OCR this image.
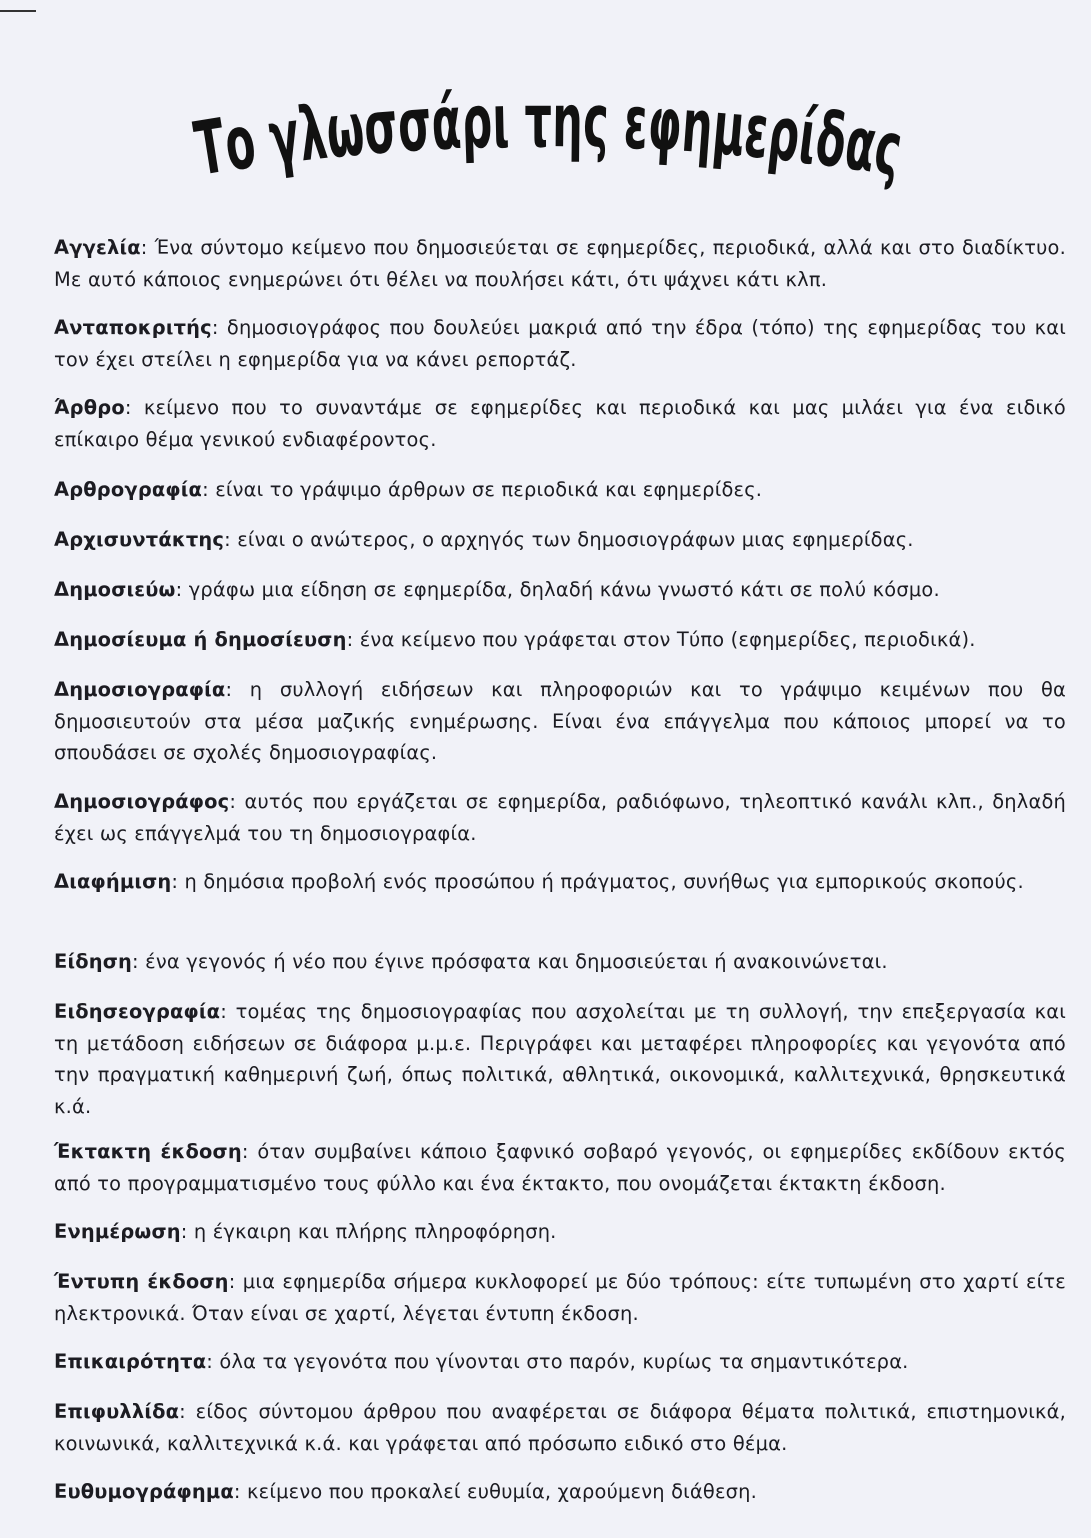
Το γλωσσάρι της εφημερίδας
Αγγελία: Ένα σύντομο κείμενο που δημοσιεύεται σε εφημερίδες, περιοδικά, αλλά και στο διαδίκτυο. Με αυτό κάποιος ενημερώνει ότι θέλει να πουλήσει κάτι, ότι ψάχνει κάτι κλπ.
Ανταποκριτής: δημοσιογράφος που δουλεύει μακριά από την έδρα (τόπο) της εφημερίδας του και τον έχει στείλει η εφημερίδα για να κάνει ρεπορτάζ.
Άρθρο: κείμενο που το συναντάμε σε εφημερίδες και περιοδικά και μας μιλάει για ένα ειδικό επίκαιρο θέμα γενικού ενδιαφέροντος.
Αρθρογραφία: είναι το γράψιμο άρθρων σε περιοδικά και εφημερίδες.
Αρχισυντάκτης: είναι ο ανώτερος, ο αρχηγός των δημοσιογράφων μιας εφημερίδας.
Δημοσιεύω: γράφω μια είδηση σε εφημερίδα, δηλαδή κάνω γνωστό κάτι σε πολύ κόσμο.
Δημοσίευμα ή δημοσίευση: ένα κείμενο που γράφεται στον Τύπο (εφημερίδες, περιοδικά).
Δημοσιογραφία: η συλλογή ειδήσεων και πληροφοριών και το γράψιμο κειμένων που θα δημοσιευτούν στα μέσα μαζικής ενημέρωσης. Είναι ένα επάγγελμα που κάποιος μπορεί να το σπουδάσει σε σχολές δημοσιογραφίας.
Δημοσιογράφος: αυτός που εργάζεται σε εφημερίδα, ραδιόφωνο, τηλεοπτικό κανάλι κλπ., δηλαδή έχει ως επάγγελμά του τη δημοσιογραφία.
Διαφήμιση: η δημόσια προβολή ενός προσώπου ή πράγματος, συνήθως για εμπορικούς σκοπούς.
Είδηση: ένα γεγονός ή νέο που έγινε πρόσφατα και δημοσιεύεται ή ανακοινώνεται.
Ειδησεογραφία: τομέας της δημοσιογραφίας που ασχολείται με τη συλλογή, την επεξεργασία και τη μετάδοση ειδήσεων σε διάφορα μ.μ.ε. Περιγράφει και μεταφέρει πληροφορίες και γεγονότα από την πραγματική καθημερινή ζωή, όπως πολιτικά, αθλητικά, οικονομικά, καλλιτεχνικά, θρησκευτικά κ.ά.
Έκτακτη έκδοση: όταν συμβαίνει κάποιο ξαφνικό σοβαρό γεγονός, οι εφημερίδες εκδίδουν εκτός από το προγραμματισμένο τους φύλλο και ένα έκτακτο, που ονομάζεται έκτακτη έκδοση.
Ενημέρωση: η έγκαιρη και πλήρης πληροφόρηση.
Έντυπη έκδοση: μια εφημερίδα σήμερα κυκλοφορεί με δύο τρόπους: είτε τυπωμένη στο χαρτί είτε ηλεκτρονικά. Όταν είναι σε χαρτί, λέγεται έντυπη έκδοση.
Επικαιρότητα: όλα τα γεγονότα που γίνονται στο παρόν, κυρίως τα σημαντικότερα.
Επιφυλλίδα: είδος σύντομου άρθρου που αναφέρεται σε διάφορα θέματα πολιτικά, επιστημονικά, κοινωνικά, καλλιτεχνικά κ.ά. και γράφεται από πρόσωπο ειδικό στο θέμα.
Ευθυμογράφημα: κείμενο που προκαλεί ευθυμία, χαρούμενη διάθεση.
